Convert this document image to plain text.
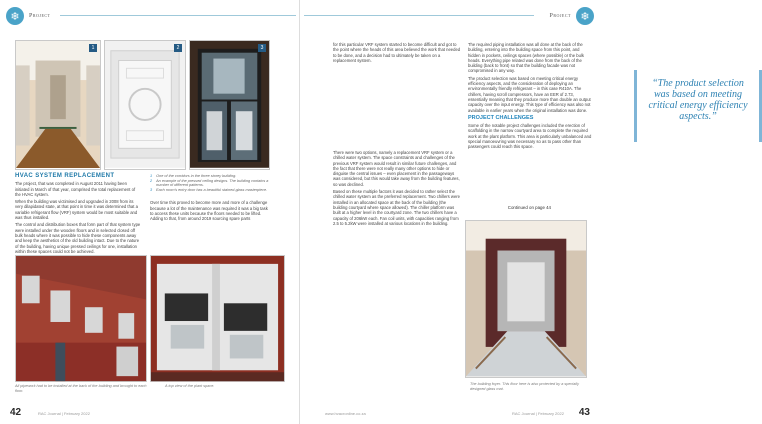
❄	Project
1	2	3
HVAC SYSTEM REPLACEMENT

The project, that was completed in August 2011 having been initiated in March of that year, comprised the total replacement of the HVAC system.

When the building was victimised and upgraded in 2008 from its very dilapidated state, at that point in time it was determined that a variable refrigerant flow (VRF) system would be most suitable and was thus installed.

The control and distribution boxes that form part of that system type were installed under the wooden floors and in selected closed off bulk heads where it was possible to hide these components away and keep the aesthetics of the old building intact. Due to the nature of the building, having unique pressed ceilings for one, installation within these spaces could not be achieved.

1 One of the corridors in the three storey building.
2 An example of the pressed ceiling designs. The building contains a number of different patterns.
3 Each room's entry door has a beautiful stained-glass masterpiece.

Over time this proved to become more and more of a challenge because a lot of the maintenance was required it was a big task to access these units because the floors needed to be lifted. Adding to that, from around 2019 sourcing spare parts

All pipework had to be installed at the back of the building and brought to each floor.
A top view of the plant space.
42	RAC Journal | February 2022
Project ❄

for this particular VRF system started to become difficult and got to the point where the heads of this area believed the work that needed to be done, and a decision had to ultimately be taken on a replacement system.

“The product selection was based on meeting critical energy efficiency aspects.”

There were two options, namely a replacement VRF system or a chilled water system. The space constraints and challenges of the previous VRF system would result in similar future challenges, and the fact that there were not really many other options to hide or disguise the central issues – even placement in the passageways was considered, but this would take away from the building features, so was declined.

Based on these multiple factors it was decided to rather select the chilled water system as the preferred replacement. Two chillers were installed in an allocated space at the back of the building (the building courtyard where space allowed). The chiller platform was built at a higher level in the courtyard zone. The two chillers have a capacity of 206kW each. Fan coil units, with capacities ranging from 2.5 to 5.2kW were installed at various locations in the building.

The required piping installation was all done at the back of the building, entering into the building space from this point, and hidden in pockets, ceilings spaces (where possible) or the bulk heads. Everything pipe related was done from the back of the building (back to front) so that the building facade was not compromised in any way.

The product selection was based on meeting critical energy efficiency aspects, and the consideration of deploying an environmentally friendly refrigerant – in this case R410A. The chillers, having scroll compressors, have an EER of 2.73, essentially meaning that they produce more than double an output capacity over the input energy. This type of efficiency was also not available in earlier years when the original installation was done.

PROJECT CHALLENGES

Some of the notable project challenges included the erection of scaffolding in the narrow courtyard area to complete the required work at the plant platform. This area is particularly unbalanced and special manoeuvring was necessary so as to pass other than passengers could reach this space.

Continued on page 44
The building foyer. This floor here is also protected by a specially designed glass mat.
www.hvacronline.co.za	RAC Journal | February 2022 43
